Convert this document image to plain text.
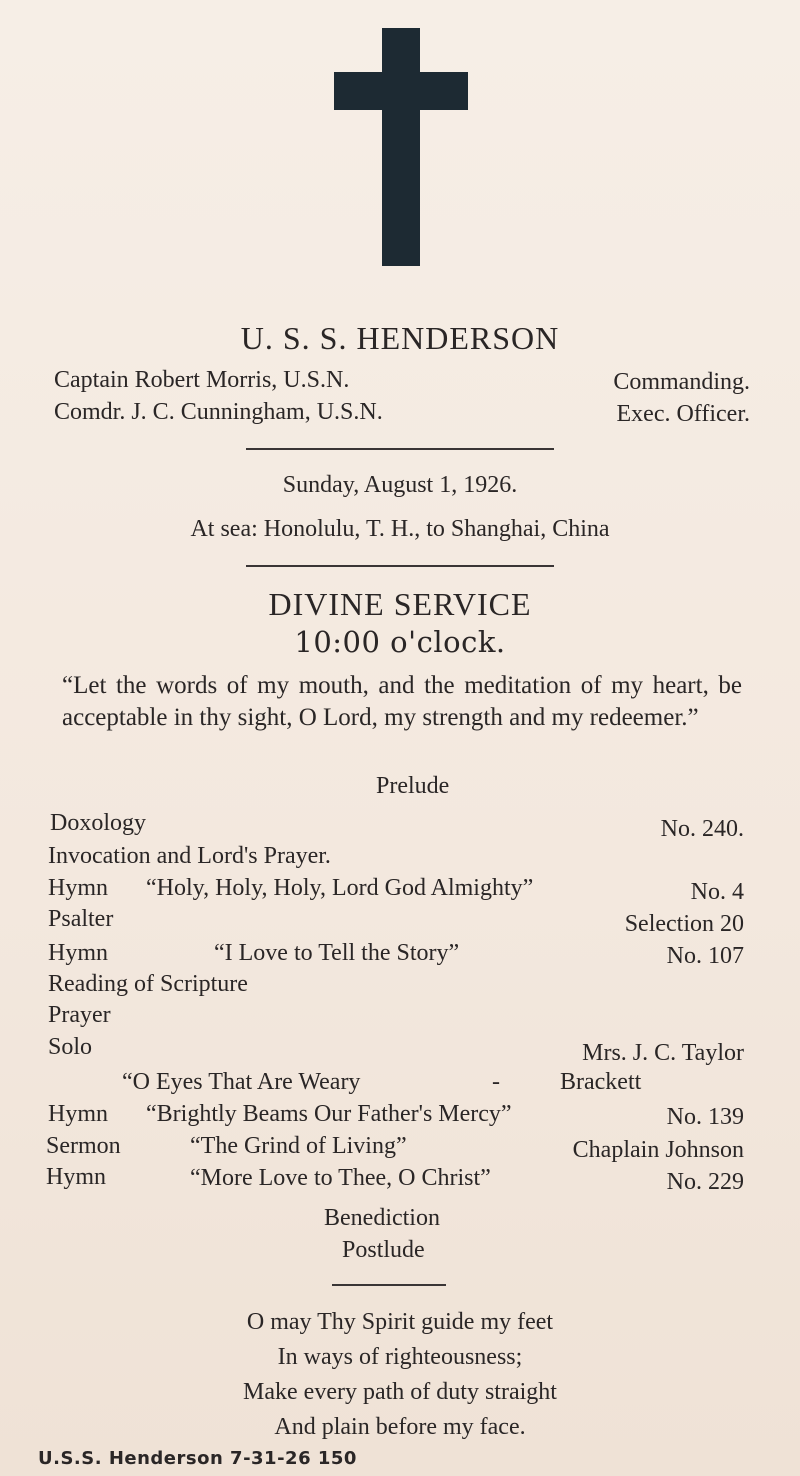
U. S. S. HENDERSON
Captain Robert Morris, U.S.N.	Commanding.
Comdr. J. C. Cunningham, U.S.N.	Exec. Officer.
Sunday, August 1, 1926.
At sea: Honolulu, T. H., to Shanghai, China
DIVINE SERVICE
10:00 o'clock.
“Let the words of my mouth, and the meditation of my heart, be acceptable in thy sight, O Lord, my strength and my redeemer.”
Prelude
Doxology	No. 240.
Invocation and Lord's Prayer.
Hymn “Holy, Holy, Holy, Lord God Almighty”	No. 4
Psalter	Selection 20
Hymn	“I Love to Tell the Story”	No. 107
Reading of Scripture
Prayer
Solo	Mrs. J. C. Taylor
“O Eyes That Are Weary	-	Brackett
Hymn “Brightly Beams Our Father's Mercy”	No. 139
Sermon	“The Grind of Living”	Chaplain Johnson
Hymn	“More Love to Thee, O Christ”	No. 229
Benediction
Postlude
O may Thy Spirit guide my feet
In ways of righteousness;
Make every path of duty straight
And plain before my face.
U.S.S. Henderson 7-31-26 150
